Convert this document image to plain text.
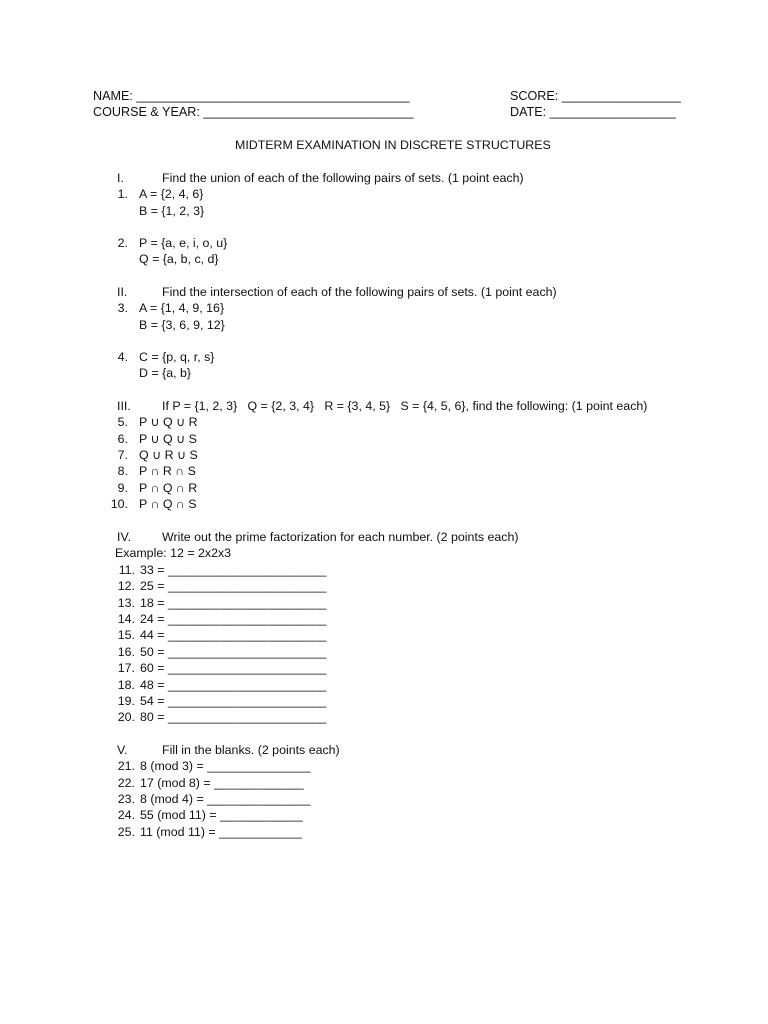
NAME: _______________________________________	SCORE: _________________
COURSE & YEAR: ______________________________	DATE: __________________
MIDTERM EXAMINATION IN DISCRETE STRUCTURES
I.	Find the union of each of the following pairs of sets. (1 point each)
1. A = {2, 4, 6}
B = {1, 2, 3}
2. P = {a, e, i, o, u}
Q = {a, b, c, d}
II.	Find the intersection of each of the following pairs of sets. (1 point each)
3. A = {1, 4, 9, 16}
B = {3, 6, 9, 12}
4. C = {p, q, r, s}
D = {a, b}
III.	If P = {1, 2, 3}   Q = {2, 3, 4}   R = {3, 4, 5}   S = {4, 5, 6}, find the following: (1 point each)
5. P ∪ Q ∪ R
6. P ∪ Q ∪ S
7. Q ∪ R ∪ S
8. P ∩ R ∩ S
9. P ∩ Q ∩ R
10. P ∩ Q ∩ S
IV. Write out the prime factorization for each number. (2 points each)
Example: 12 = 2x2x3
11. 33 = _______________________
12. 25 = _______________________
13. 18 = _______________________
14. 24 = _______________________
15. 44 = _______________________
16. 50 = _______________________
17. 60 = _______________________
18. 48 = _______________________
19. 54 = _______________________
20. 80 = _______________________
V.	Fill in the blanks. (2 points each)
21. 8 (mod 3) = _______________
22. 17 (mod 8) = _____________
23. 8 (mod 4) = _______________
24. 55 (mod 11) = ____________
25. 11 (mod 11) = ____________
